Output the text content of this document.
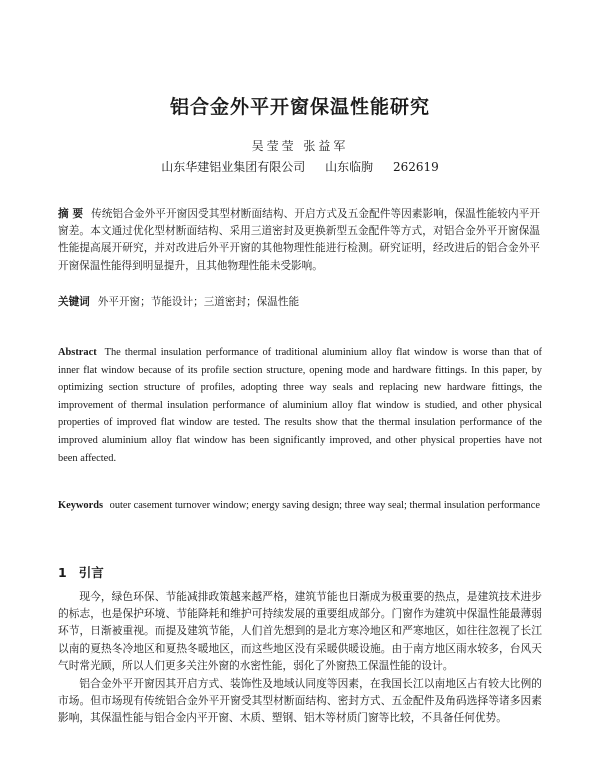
铝合金外平开窗保温性能研究
吴莹莹 张益军
山东华建铝业集团有限公司 山东临朐 262619
摘 要 传统铝合金外平开窗因受其型材断面结构、开启方式及五金配件等因素影响，保温性能较内平开窗差。本文通过优化型材断面结构、采用三道密封及更换新型五金配件等方式，对铝合金外平开窗保温性能提高展开研究，并对改进后外平开窗的其他物理性能进行检测。研究证明，经改进后的铝合金外平开窗保温性能得到明显提升，且其他物理性能未受影响。
关键词 外平开窗；节能设计；三道密封；保温性能
Abstract The thermal insulation performance of traditional aluminium alloy flat window is worse than that of inner flat window because of its profile section structure, opening mode and hardware fittings. In this paper, by optimizing section structure of profiles, adopting three way seals and replacing new hardware fittings, the improvement of thermal insulation performance of aluminium alloy flat window is studied, and other physical properties of improved flat window are tested. The results show that the thermal insulation performance of the improved aluminium alloy flat window has been significantly improved, and other physical properties have not been affected.
Keywords outer casement turnover window; energy saving design; three way seal; thermal insulation performance
1 引言

现今，绿色环保、节能减排政策越来越严格，建筑节能也日渐成为极重要的热点，是建筑技术进步的标志，也是保护环境、节能降耗和维护可持续发展的重要组成部分。门窗作为建筑中保温性能最薄弱环节，日渐被重视。而提及建筑节能，人们首先想到的是北方寒冷地区和严寒地区，如往往忽视了长江以南的夏热冬冷地区和夏热冬暖地区，而这些地区没有采暖供暖设施。由于南方地区雨水较多，台风天气时常光顾，所以人们更多关注外窗的水密性能，弱化了外窗热工保温性能的设计。

铝合金外平开窗因其开启方式、装饰性及地域认同度等因素，在我国长江以南地区占有较大比例的市场。但市场现有传统铝合金外平开窗受其型材断面结构、密封方式、五金配件及角码选择等诸多因素影响，其保温性能与铝合金内平开窗、木质、塑钢、铝木等材质门窗等比较，不具备任何优势。
